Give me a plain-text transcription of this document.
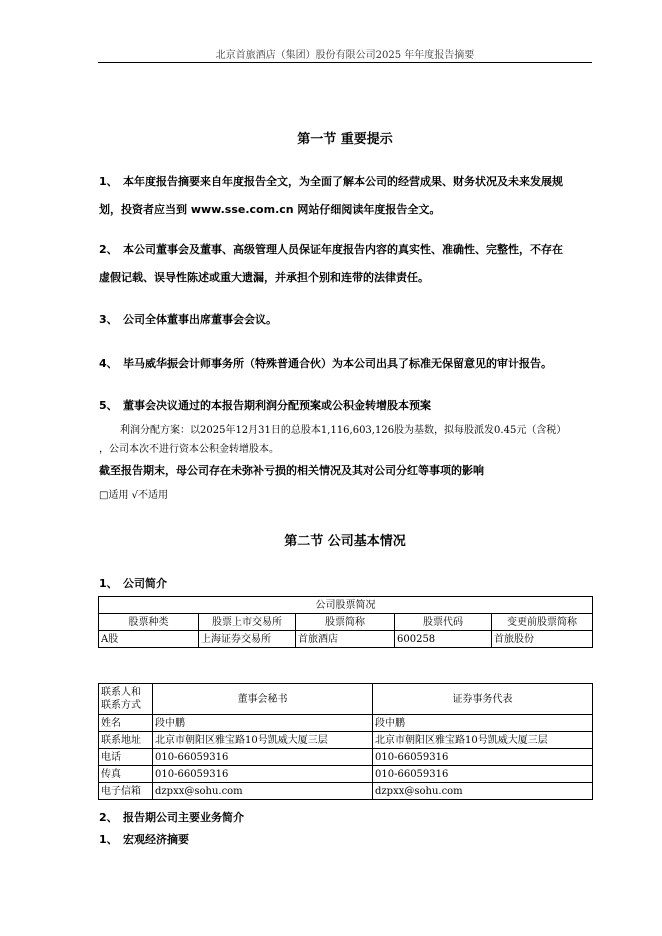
北京首旅酒店（集团）股份有限公司2025 年年度报告摘要
第一节 重要提示
1、 本年度报告摘要来自年度报告全文，为全面了解本公司的经营成果、财务状况及未来发展规
划，投资者应当到 www.sse.com.cn 网站仔细阅读年度报告全文。
2、 本公司董事会及董事、高级管理人员保证年度报告内容的真实性、准确性、完整性，不存在
虚假记载、误导性陈述或重大遗漏，并承担个别和连带的法律责任。
3、 公司全体董事出席董事会会议。
4、 毕马威华振会计师事务所（特殊普通合伙）为本公司出具了标准无保留意见的审计报告。
5、 董事会决议通过的本报告期利润分配预案或公积金转增股本预案
利润分配方案：以2025年12月31日的总股本1,116,603,126股为基数，拟每股派发0.45元（含税）
，公司本次不进行资本公积金转增股本。
截至报告期末，母公司存在未弥补亏损的相关情况及其对公司分红等事项的影响
□适用 √不适用
第二节 公司基本情况
1、 公司简介
公司股票简况				
股票种类	股票上市交易所	股票简称	股票代码	变更前股票简称
A股	上海证券交易所	首旅酒店	600258	首旅股份
联系人和
联系方式	董事会秘书	证券事务代表
姓名	段中鹏	段中鹏
联系地址	北京市朝阳区雅宝路10号凯威大厦三层	北京市朝阳区雅宝路10号凯威大厦三层
电话	010-66059316	010-66059316
传真	010-66059316	010-66059316
电子信箱	dzpxx@sohu.com	dzpxx@sohu.com
2、 报告期公司主要业务简介
1、 宏观经济摘要
